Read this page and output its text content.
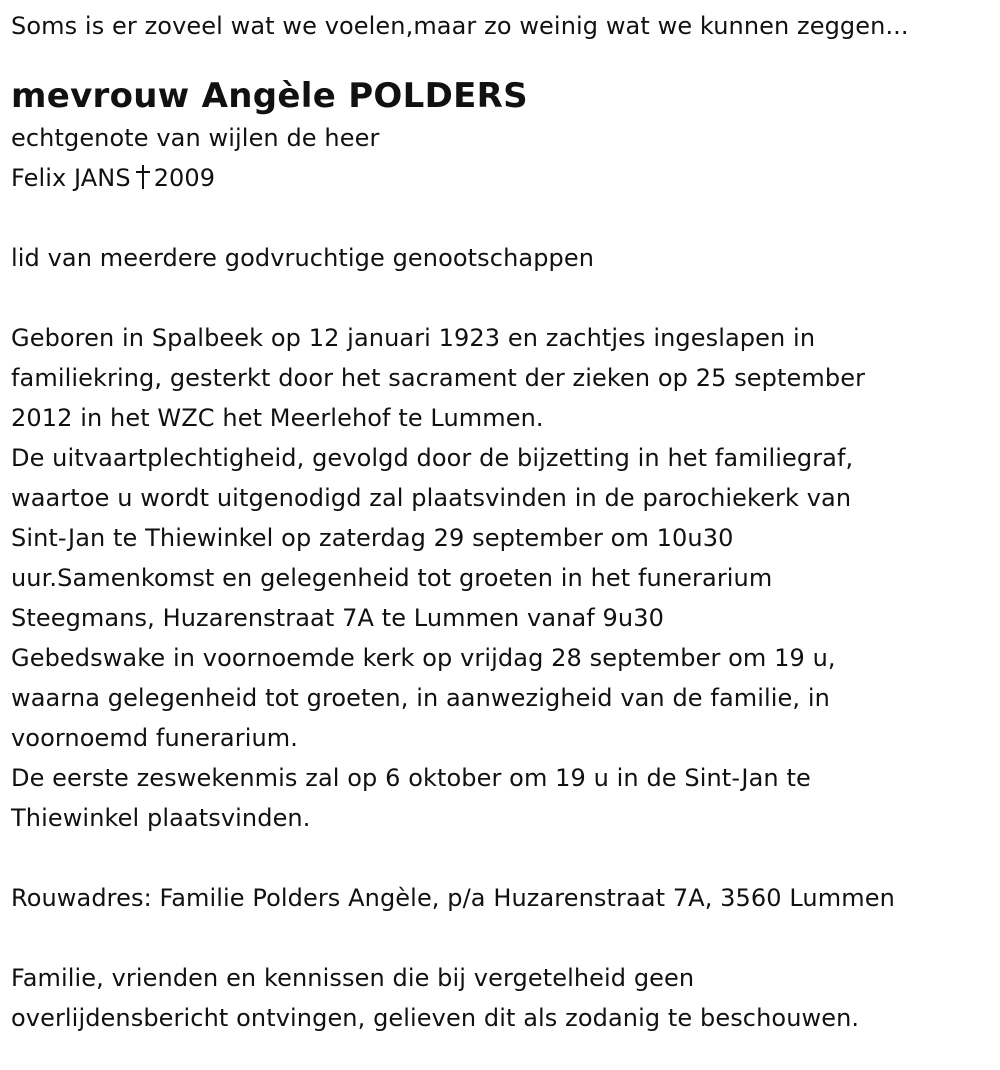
Soms is er zoveel wat we voelen,maar zo weinig wat we kunnen zeggen...
mevrouw Angèle POLDERS
echtgenote van wijlen de heer
Felix JANS 2009
lid van meerdere godvruchtige genootschappen
Geboren in Spalbeek op 12 januari 1923 en zachtjes ingeslapen in
familiekring, gesterkt door het sacrament der zieken op 25 september
2012 in het WZC het Meerlehof te Lummen.
De uitvaartplechtigheid, gevolgd door de bijzetting in het familiegraf,
waartoe u wordt uitgenodigd zal plaatsvinden in de parochiekerk van
Sint-Jan te Thiewinkel op zaterdag 29 september om 10u30
uur.Samenkomst en gelegenheid tot groeten in het funerarium
Steegmans, Huzarenstraat 7A te Lummen vanaf 9u30
Gebedswake in voornoemde kerk op vrijdag 28 september om 19 u,
waarna gelegenheid tot groeten, in aanwezigheid van de familie, in
voornoemd funerarium.
De eerste zeswekenmis zal op 6 oktober om 19 u in de Sint-Jan te
Thiewinkel plaatsvinden.
Rouwadres: Familie Polders Angèle, p/a Huzarenstraat 7A, 3560 Lummen
Familie, vrienden en kennissen die bij vergetelheid geen
overlijdensbericht ontvingen, gelieven dit als zodanig te beschouwen.
